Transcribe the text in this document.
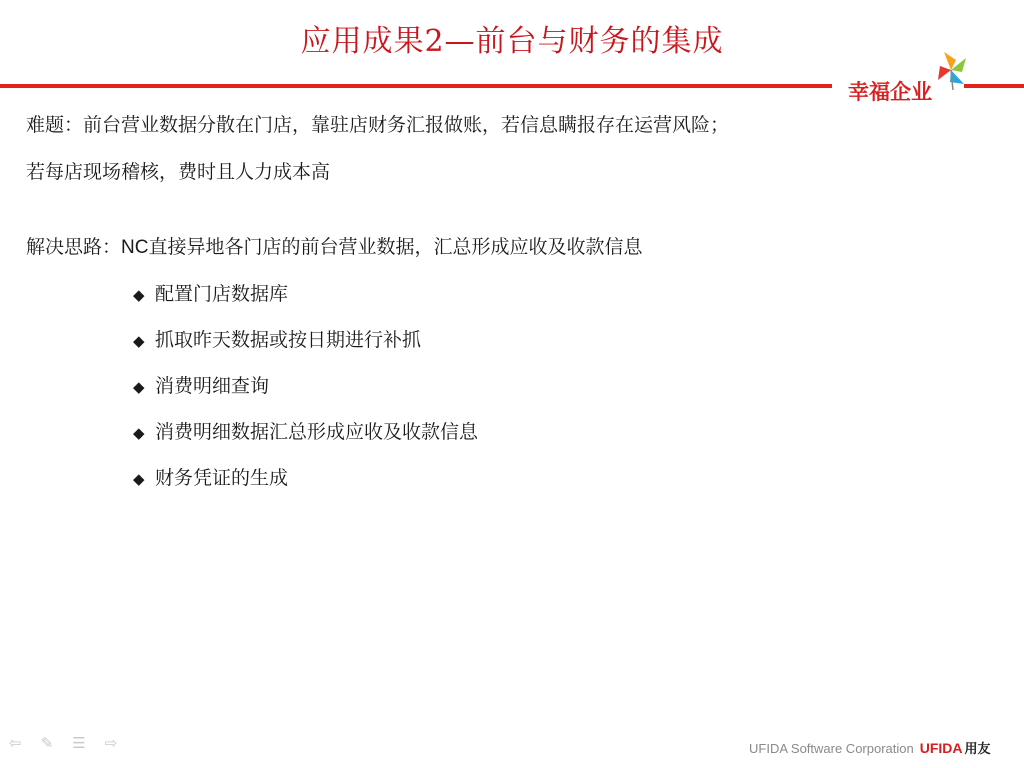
应用成果2—前台与财务的集成
幸福企业
难题：前台营业数据分散在门店，靠驻店财务汇报做账，若信息瞒报存在运营风险；
若每店现场稽核，费时且人力成本高
解决思路：NC直接异地各门店的前台营业数据，汇总形成应收及收款信息
◆ 配置门店数据库
◆ 抓取昨天数据或按日期进行补抓
◆ 消费明细查询
◆ 消费明细数据汇总形成应收及收款信息
◆ 财务凭证的生成
⇦ ✎ ☰ ⇨	UFIDA Software Corporation UFIDA 用友
